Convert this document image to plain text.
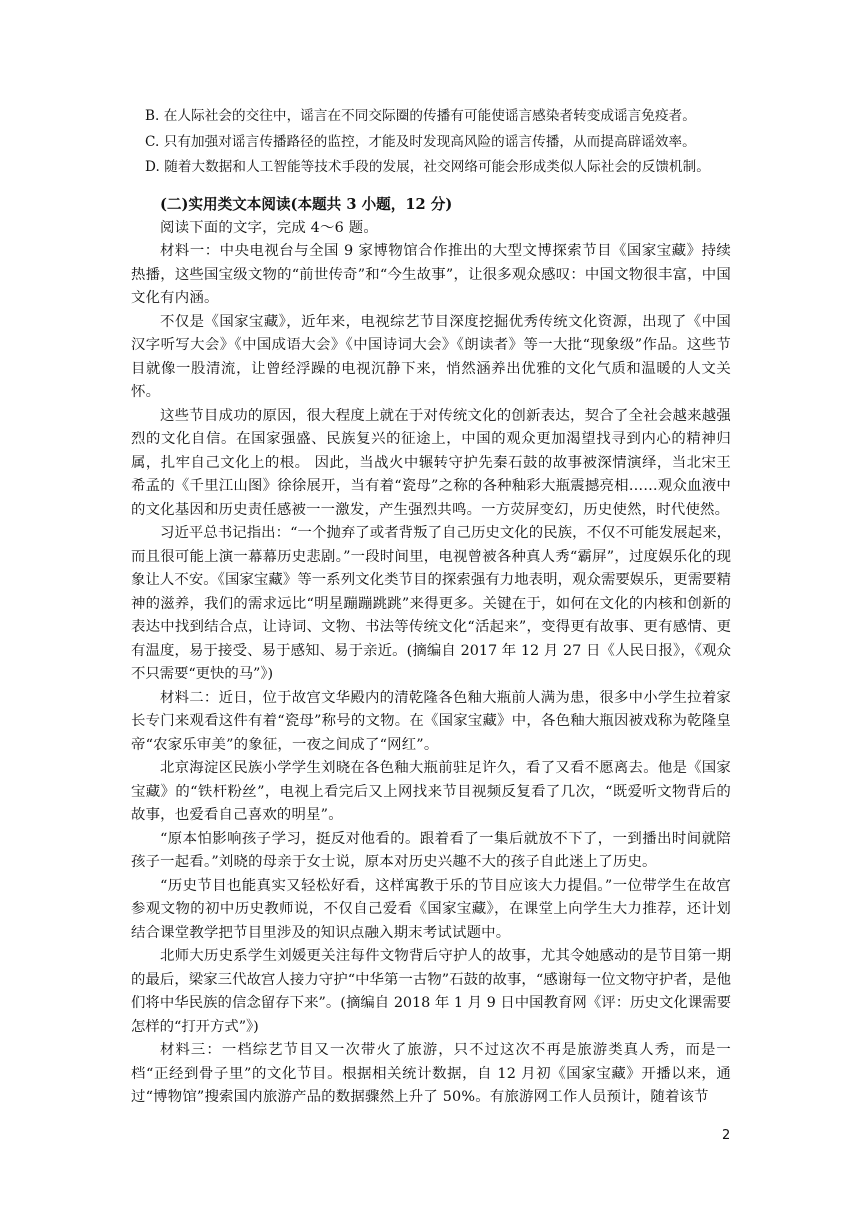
B. 在人际社会的交往中，谣言在不同交际圈的传播有可能使谣言感染者转变成谣言免疫者。
C. 只有加强对谣言传播路径的监控，才能及时发现高风险的谣言传播，从而提高辟谣效率。
D. 随着大数据和人工智能等技术手段的发展，社交网络可能会形成类似人际社会的反馈机制。
(二)实用类文本阅读(本题共 3 小题，12 分)

阅读下面的文字，完成 4～6 题。

材料一：中央电视台与全国 9 家博物馆合作推出的大型文博探索节目《国家宝藏》持续热播，这些国宝级文物的“前世传奇”和“今生故事”，让很多观众感叹：中国文物很丰富，中国文化有内涵。

不仅是《国家宝藏》，近年来，电视综艺节目深度挖掘优秀传统文化资源，出现了《中国汉字听写大会》《中国成语大会》《中国诗词大会》《朗读者》等一大批“现象级”作品。这些节目就像一股清流，让曾经浮躁的电视沉静下来，悄然涵养出优雅的文化气质和温暖的人文关怀。

这些节目成功的原因，很大程度上就在于对传统文化的创新表达，契合了全社会越来越强烈的文化自信。在国家强盛、民族复兴的征途上，中国的观众更加渴望找寻到内心的精神归属，扎牢自己文化上的根。 因此，当战火中辗转守护先秦石鼓的故事被深情演绎，当北宋王希孟的《千里江山图》徐徐展开，当有着“瓷母”之称的各种釉彩大瓶震撼亮相……观众血液中的文化基因和历史责任感被一一激发，产生强烈共鸣。一方荧屏变幻，历史使然，时代使然。

习近平总书记指出：“一个抛弃了或者背叛了自己历史文化的民族，不仅不可能发展起来，而且很可能上演一幕幕历史悲剧。”一段时间里，电视曾被各种真人秀“霸屏”，过度娱乐化的现象让人不安。《国家宝藏》等一系列文化类节目的探索强有力地表明，观众需要娱乐，更需要精神的滋养，我们的需求远比“明星蹦蹦跳跳”来得更多。关键在于，如何在文化的内核和创新的表达中找到结合点，让诗词、文物、书法等传统文化“活起来”，变得更有故事、更有感情、更有温度，易于接受、易于感知、易于亲近。(摘编自 2017 年 12 月 27 日《人民日报》，《观众不只需要“更快的马”》)

材料二：近日，位于故宫文华殿内的清乾隆各色釉大瓶前人满为患，很多中小学生拉着家长专门来观看这件有着“瓷母”称号的文物。在《国家宝藏》中，各色釉大瓶因被戏称为乾隆皇帝“农家乐审美”的象征，一夜之间成了“网红”。

北京海淀区民族小学学生刘晓在各色釉大瓶前驻足许久，看了又看不愿离去。他是《国家宝藏》的“铁杆粉丝”，电视上看完后又上网找来节目视频反复看了几次，“既爱听文物背后的故事，也爱看自己喜欢的明星”。

“原本怕影响孩子学习，挺反对他看的。跟着看了一集后就放不下了，一到播出时间就陪孩子一起看。”刘晓的母亲于女士说，原本对历史兴趣不大的孩子自此迷上了历史。

“历史节目也能真实又轻松好看，这样寓教于乐的节目应该大力提倡。”一位带学生在故宫参观文物的初中历史教师说，不仅自己爱看《国家宝藏》，在课堂上向学生大力推荐，还计划结合课堂教学把节目里涉及的知识点融入期末考试试题中。

北师大历史系学生刘媛更关注每件文物背后守护人的故事，尤其令她感动的是节目第一期的最后，梁家三代故宫人接力守护“中华第一古物”石鼓的故事，“感谢每一位文物守护者，是他们将中华民族的信念留存下来”。(摘编自 2018 年 1 月 9 日中国教育网《评：历史文化课需要怎样的“打开方式”》)

材料三：一档综艺节目又一次带火了旅游，只不过这次不再是旅游类真人秀，而是一档“正经到骨子里”的文化节目。根据相关统计数据，自 12 月初《国家宝藏》开播以来，通过“博物馆”搜索国内旅游产品的数据骤然上升了 50%。有旅游网工作人员预计，随着该节

2
